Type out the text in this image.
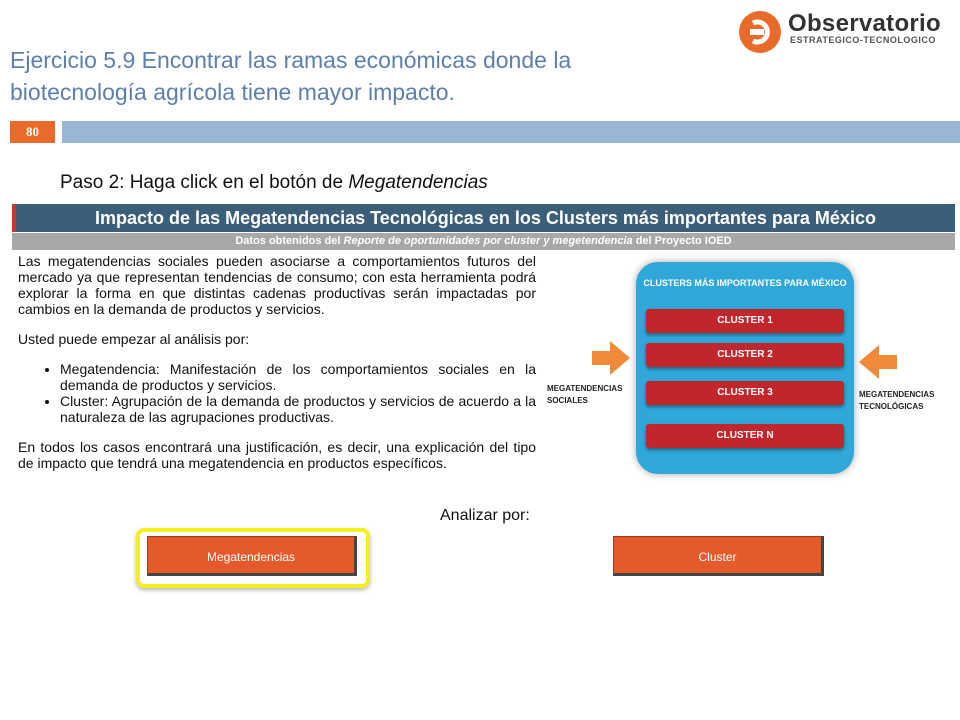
Ejercicio 5.9 Encontrar las ramas económicas donde la biotecnología agrícola tiene mayor impacto.
Observatorio
ESTRATEGICO-TECNOLOGICO
80
Paso 2: Haga click en el botón de Megatendencias
Impacto de las Megatendencias Tecnológicas en los Clusters más importantes para México
Datos obtenidos del Reporte de oportunidades por cluster y megetendencia del Proyecto IOED

Las megatendencias sociales pueden asociarse a comportamientos futuros del mercado ya que representan tendencias de consumo; con esta herramienta podrá explorar la forma en que distintas cadenas productivas serán impactadas por cambios en la demanda de productos y servicios.

Usted puede empezar al análisis por:

• Megatendencia: Manifestación de los comportamientos sociales en la demanda de productos y servicios.
• Cluster: Agrupación de la demanda de productos y servicios de acuerdo a la naturaleza de las agrupaciones productivas.

En todos los casos encontrará una justificación, es decir, una explicación del tipo de impacto que tendrá una megatendencia en productos específicos.

Analizar por:
Megatendencias	Cluster
CLUSTERS MÁS IMPORTANTES PARA MÉXICO
CLUSTER 1
CLUSTER 2
CLUSTER 3
CLUSTER N
MEGATENDENCIAS SOCIALES
MEGATENDENCIAS TECNOLÓGICAS
